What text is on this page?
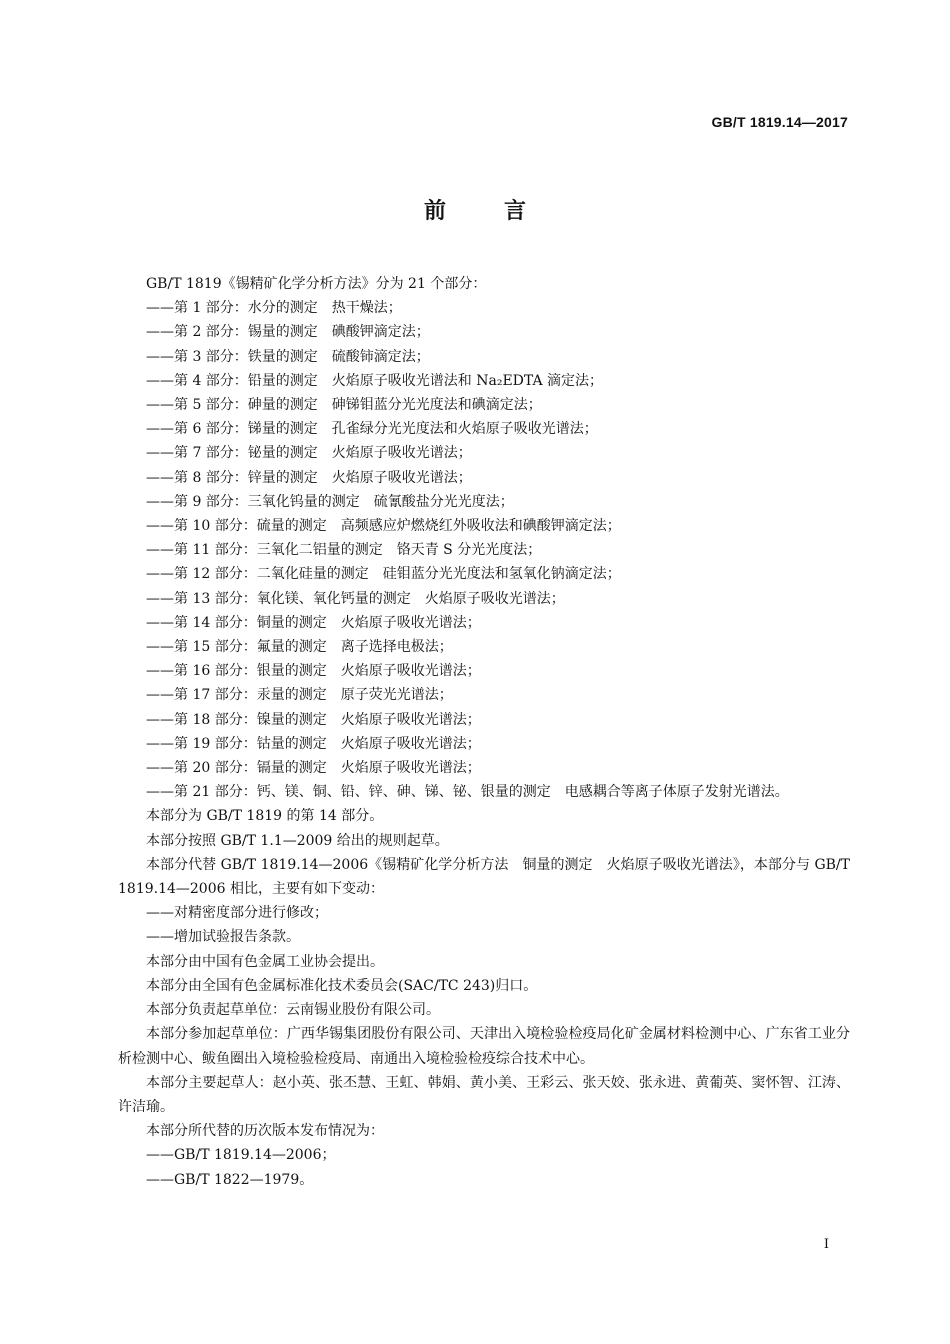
GB/T 1819.14—2017
前言
GB/T 1819《锡精矿化学分析方法》分为 21 个部分：
——第 1 部分：水分的测定　热干燥法；
——第 2 部分：锡量的测定　碘酸钾滴定法；
——第 3 部分：铁量的测定　硫酸铈滴定法；
——第 4 部分：铅量的测定　火焰原子吸收光谱法和 Na₂EDTA 滴定法；
——第 5 部分：砷量的测定　砷锑钼蓝分光光度法和碘滴定法；
——第 6 部分：锑量的测定　孔雀绿分光光度法和火焰原子吸收光谱法；
——第 7 部分：铋量的测定　火焰原子吸收光谱法；
——第 8 部分：锌量的测定　火焰原子吸收光谱法；
——第 9 部分：三氧化钨量的测定　硫氰酸盐分光光度法；
——第 10 部分：硫量的测定　高频感应炉燃烧红外吸收法和碘酸钾滴定法；
——第 11 部分：三氧化二铝量的测定　铬天青 S 分光光度法；
——第 12 部分：二氧化硅量的测定　硅钼蓝分光光度法和氢氧化钠滴定法；
——第 13 部分：氧化镁、氧化钙量的测定　火焰原子吸收光谱法；
——第 14 部分：铜量的测定　火焰原子吸收光谱法；
——第 15 部分：氟量的测定　离子选择电极法；
——第 16 部分：银量的测定　火焰原子吸收光谱法；
——第 17 部分：汞量的测定　原子荧光光谱法；
——第 18 部分：镍量的测定　火焰原子吸收光谱法；
——第 19 部分：钴量的测定　火焰原子吸收光谱法；
——第 20 部分：镉量的测定　火焰原子吸收光谱法；
——第 21 部分：钙、镁、铜、铅、锌、砷、锑、铋、银量的测定　电感耦合等离子体原子发射光谱法。
本部分为 GB/T 1819 的第 14 部分。
本部分按照 GB/T 1.1—2009 给出的规则起草。
本部分代替 GB/T 1819.14—2006《锡精矿化学分析方法　铜量的测定　火焰原子吸收光谱法》，本部分与 GB/T 1819.14—2006 相比，主要有如下变动：
——对精密度部分进行修改；
——增加试验报告条款。
本部分由中国有色金属工业协会提出。
本部分由全国有色金属标准化技术委员会(SAC/TC 243)归口。
本部分负责起草单位：云南锡业股份有限公司。
本部分参加起草单位：广西华锡集团股份有限公司、天津出入境检验检疫局化矿金属材料检测中心、广东省工业分析检测中心、鲅鱼圈出入境检验检疫局、南通出入境检验检疫综合技术中心。
本部分主要起草人：赵小英、张丕慧、王虹、韩娟、黄小美、王彩云、张天姣、张永进、黄葡英、窦怀智、江涛、许洁瑜。
本部分所代替的历次版本发布情况为：
——GB/T 1819.14—2006；
——GB/T 1822—1979。
I
